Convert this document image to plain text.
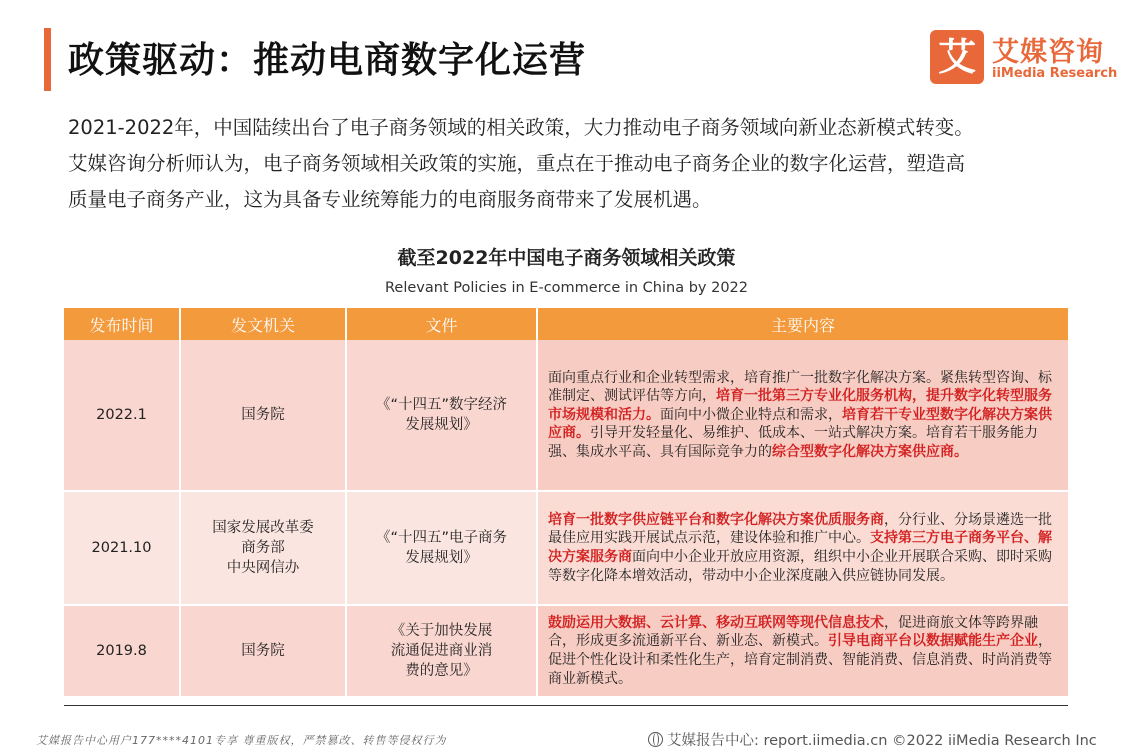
政策驱动：推动电商数字化运营	艾 艾媒咨询
iiMedia Research

2021-2022年，中国陆续出台了电子商务领域的相关政策，大力推动电子商务领域向新业态新模式转变。

艾媒咨询分析师认为，电子商务领域相关政策的实施，重点在于推动电子商务企业的数字化运营，塑造高

质量电子商务产业，这为具备专业统筹能力的电商服务商带来了发展机遇。

截至2022年中国电子商务领域相关政策
Relevant Policies in E-commerce in China by 2022
发布时间	发文机关	文件	主要内容
2022.1	国务院	《“十四五”数字经济
发展规划》	面向重点行业和企业转型需求，培育推广一批数字化解决方案。紧焦转型咨询、标准制定、测试评估等方向，培育一批第三方专业化服务机构，提升数字化转型服务市场规模和活力。面向中小微企业特点和需求，培育若干专业型数字化解决方案供应商。引导开发轻量化、易维护、低成本、一站式解决方案。培育若干服务能力强、集成水平高、具有国际竞争力的综合型数字化解决方案供应商。
2021.10	国家发展改革委
商务部
中央网信办	《“十四五”电子商务
发展规划》	培育一批数字供应链平台和数字化解决方案优质服务商，分行业、分场景遴选一批最佳应用实践开展试点示范，建设体验和推广中心。支持第三方电子商务平台、解决方案服务商面向中小企业开放应用资源，组织中小企业开展联合采购、即时采购等数字化降本增效活动，带动中小企业深度融入供应链协同发展。
2019.8	国务院	《关于加快发展
流通促进商业消
费的意见》	鼓励运用大数据、云计算、移动互联网等现代信息技术，促进商旅文体等跨界融合，形成更多流通新平台、新业态、新模式。引导电商平台以数据赋能生产企业，促进个性化设计和柔性化生产，培育定制消费、智能消费、信息消费、时尚消费等商业新模式。
艾媒报告中心用户177****4101专享 尊重版权，严禁篡改、转售等侵权行为	艾媒报告中心: report.iimedia.cn ©2022 iiMedia Research Inc
